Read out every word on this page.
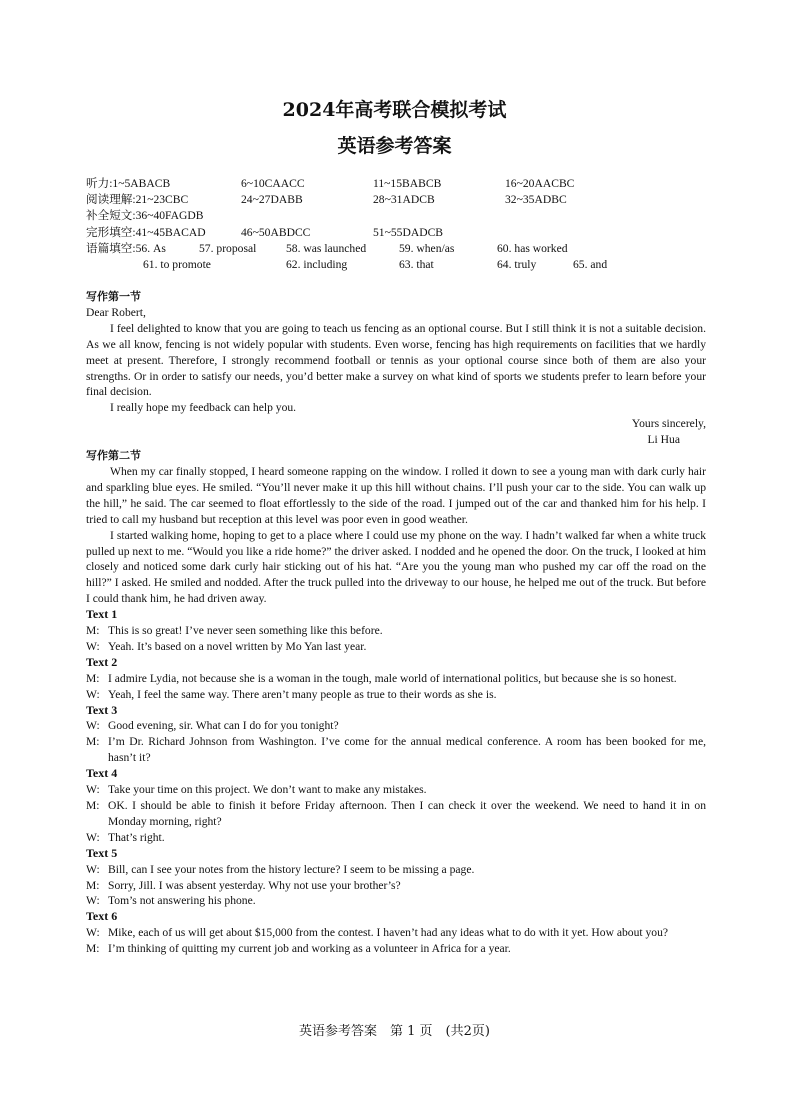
2024年高考联合模拟考试
英语参考答案
听力:1~5ABACB	6~10CAACC	11~15BABCB	16~20AACBC
阅读理解:21~23CBC	24~27DABB	28~31ADCB	32~35ADBC
补全短文:36~40FAGDB
完形填空:41~45BACAD	46~50ABDCC	51~55DADCB
语篇填空:56. As	57. proposal	58. was launched	59. when/as	60. has worked
61. to promote	62. including	63. that	64. truly	65. and

写作第一节

Dear Robert,

I feel delighted to know that you are going to teach us fencing as an optional course. But I still think it is not a suitable decision. As we all know, fencing is not widely popular with students. Even worse, fencing has high requirements on facilities that we hardly meet at present. Therefore, I strongly recommend football or tennis as your optional course since both of them are also your strengths. Or in order to satisfy our needs, you’d better make a survey on what kind of sports we students prefer to learn before your final decision.

I really hope my feedback can help you.

Yours sincerely,

Li Hua

写作第二节

When my car finally stopped, I heard someone rapping on the window. I rolled it down to see a young man with dark curly hair and sparkling blue eyes. He smiled. “You’ll never make it up this hill without chains. I’ll push your car to the side. You can walk up the hill,” he said. The car seemed to float effortlessly to the side of the road. I jumped out of the car and thanked him for his help. I tried to call my husband but reception at this level was poor even in good weather.

I started walking home, hoping to get to a place where I could use my phone on the way. I hadn’t walked far when a white truck pulled up next to me. “Would you like a ride home?” the driver asked. I nodded and he opened the door. On the truck, I looked at him closely and noticed some dark curly hair sticking out of his hat. “Are you the young man who pushed my car off the road on the hill?” I asked. He smiled and nodded. After the truck pulled into the driveway to our house, he helped me out of the truck. But before I could thank him, he had driven away.

Text 1

M: This is so great! I’ve never seen something like this before.

W: Yeah. It’s based on a novel written by Mo Yan last year.

Text 2

M: I admire Lydia, not because she is a woman in the tough, male world of international politics, but because she is so honest.

W: Yeah, I feel the same way. There aren’t many people as true to their words as she is.

Text 3

W: Good evening, sir. What can I do for you tonight?

M: I’m Dr. Richard Johnson from Washington. I’ve come for the annual medical conference. A room has been booked for me, hasn’t it?

Text 4

W: Take your time on this project. We don’t want to make any mistakes.

M: OK. I should be able to finish it before Friday afternoon. Then I can check it over the weekend. We need to hand it in on Monday morning, right?

W: That’s right.

Text 5

W: Bill, can I see your notes from the history lecture? I seem to be missing a page.

M: Sorry, Jill. I was absent yesterday. Why not use your brother’s?

W: Tom’s not answering his phone.

Text 6

W: Mike, each of us will get about $15,000 from the contest. I haven’t had any ideas what to do with it yet. How about you?

M: I’m thinking of quitting my current job and working as a volunteer in Africa for a year.

英语参考答案　第 1 页　(共2页)
